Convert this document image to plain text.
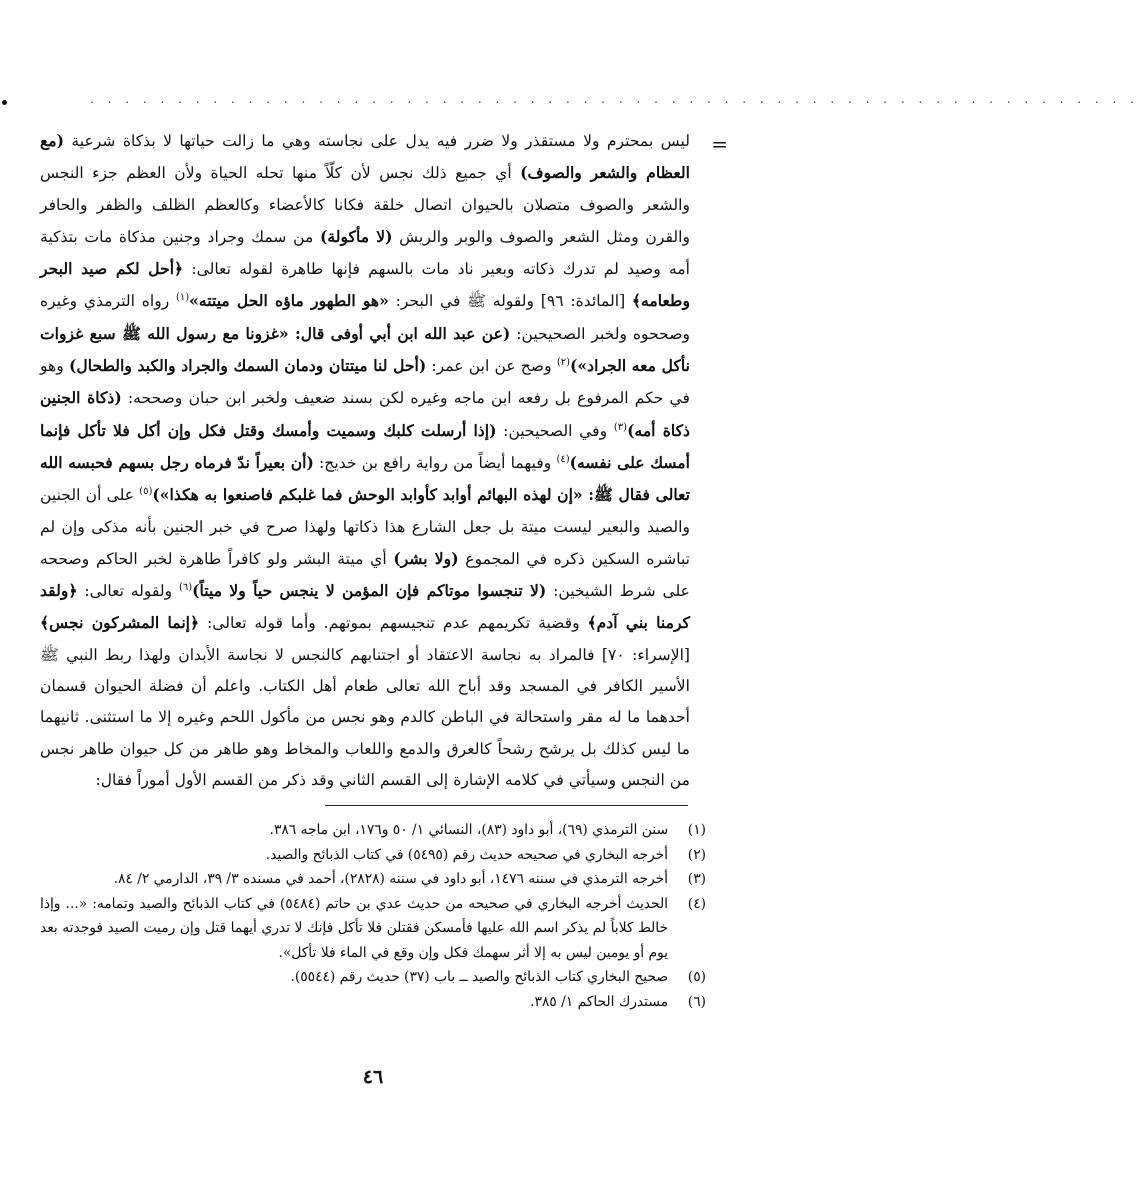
. . . . . . . . . . . . . . . . . . . . . . . . . . . . . . . . . . . . . . . . . . . . . . . . . . . . . . . . . . . .
=
ليس بمحترم ولا مستقذر ولا ضرر فيه يدل على نجاسته وهي ما زالت حياتها لا بذكاة شرعية (مع العظام والشعر والصوف) أي جميع ذلك نجس لأن كلّاً منها تحله الحياة ولأن العظم جزء النجس والشعر والصوف متصلان بالحيوان اتصال خلقة فكانا كالأعضاء وكالعظم الظلف والظفر والحافر والقرن ومثل الشعر والصوف والوبر والريش (لا مأكولة) من سمك وجراد وجنين مذكاة مات بتذكية أمه وصيد لم تدرك ذكاته وبعير ناد مات بالسهم فإنها طاهرة لقوله تعالى: ﴿أحل لكم صيد البحر وطعامه﴾ [المائدة: ٩٦] ولقوله ﷺ في البحر: «هو الطهور ماؤه الحل ميتته»$^{(١)}$ رواه الترمذي وغيره وصححوه ولخبر الصحيحين: (عن عبد الله ابن أبي أوفى قال: «غزونا مع رسول الله ﷺ سبع غزوات نأكل معه الجراد»)$^{(٢)}$ وصح عن ابن عمر: (أحل لنا ميتتان ودمان السمك والجراد والكبد والطحال) وهو في حكم المرفوع بل رفعه ابن ماجه وغيره لكن بسند ضعيف ولخبر ابن حبان وصححه: (ذكاة الجنين ذكاة أمه)$^{(٣)}$ وفي الصحيحين: (إذا أرسلت كلبك وسميت وأمسك وقتل فكل وإن أكل فلا تأكل فإنما أمسك على نفسه)$^{(٤)}$ وفيهما أيضاً من رواية رافع بن خديج: (أن بعيراً ندّ فرماه رجل بسهم فحبسه الله تعالى فقال ﷺ: «إن لهذه البهائم أوابد كأوابد الوحش فما غلبكم فاصنعوا به هكذا»)$^{(٥)}$ على أن الجنين والصيد والبعير ليست ميتة بل جعل الشارع هذا ذكاتها ولهذا صرح في خبر الجنين بأنه مذكى وإن لم تباشره السكين ذكره في المجموع (ولا بشر) أي ميتة البشر ولو كافراً طاهرة لخبر الحاكم وصححه على شرط الشيخين: (لا تنجسوا موتاكم فإن المؤمن لا ينجس حياً ولا ميتاً)$^{(٦)}$ ولقوله تعالى: ﴿ولقد كرمنا بني آدم﴾ وقضية تكريمهم عدم تنجيسهم بموتهم. وأما قوله تعالى: ﴿إنما المشركون نجس﴾ [الإسراء: ٧٠] فالمراد به نجاسة الاعتقاد أو اجتنابهم كالنجس لا نجاسة الأبدان ولهذا ربط النبي ﷺ الأسير الكافر في المسجد وقد أباح الله تعالى طعام أهل الكتاب. واعلم أن فضلة الحيوان قسمان أحدهما ما له مقر واستحالة في الباطن كالدم وهو نجس من مأكول اللحم وغيره إلا ما استثنى. ثانيهما ما ليس كذلك بل يرشح رشحاً كالعرق والدمع واللعاب والمخاط وهو طاهر من كل حيوان طاهر نجس من النجس وسيأتي في كلامه الإشارة إلى القسم الثاني وقد ذكر من القسم الأول أموراً فقال:
(١)
سنن الترمذي (٦٩)، أبو داود (٨٣)، النسائي ١/ ٥٠ و١٧٦، ابن ماجه ٣٨٦.
(٢)
أخرجه البخاري في صحيحه حديث رقم (٥٤٩٥) في كتاب الذبائح والصيد.
(٣)
أخرجه الترمذي في سننه ١٤٧٦، أبو داود في سننه (٢٨٢٨)، أحمد في مسنده ٣/ ٣٩، الدارمي ٢/ ٨٤.
(٤)
الحديث أخرجه البخاري في صحيحه من حديث عدي بن حاتم (٥٤٨٤) في كتاب الذبائح والصيد وتمامه: «... وإذا خالط كلاباً لم يذكر اسم الله عليها فأمسكن فقتلن فلا تأكل فإنك لا تدري أيهما قتل وإن رميت الصيد فوجدته بعد يوم أو يومين ليس به إلا أثر سهمك فكل وإن وقع في الماء فلا تأكل».
(٥)
صحيح البخاري كتاب الذبائح والصيد ــ باب (٣٧) حديث رقم (٥٥٤٤).
(٦)
مستدرك الحاكم ١/ ٣٨٥.
٤٦
